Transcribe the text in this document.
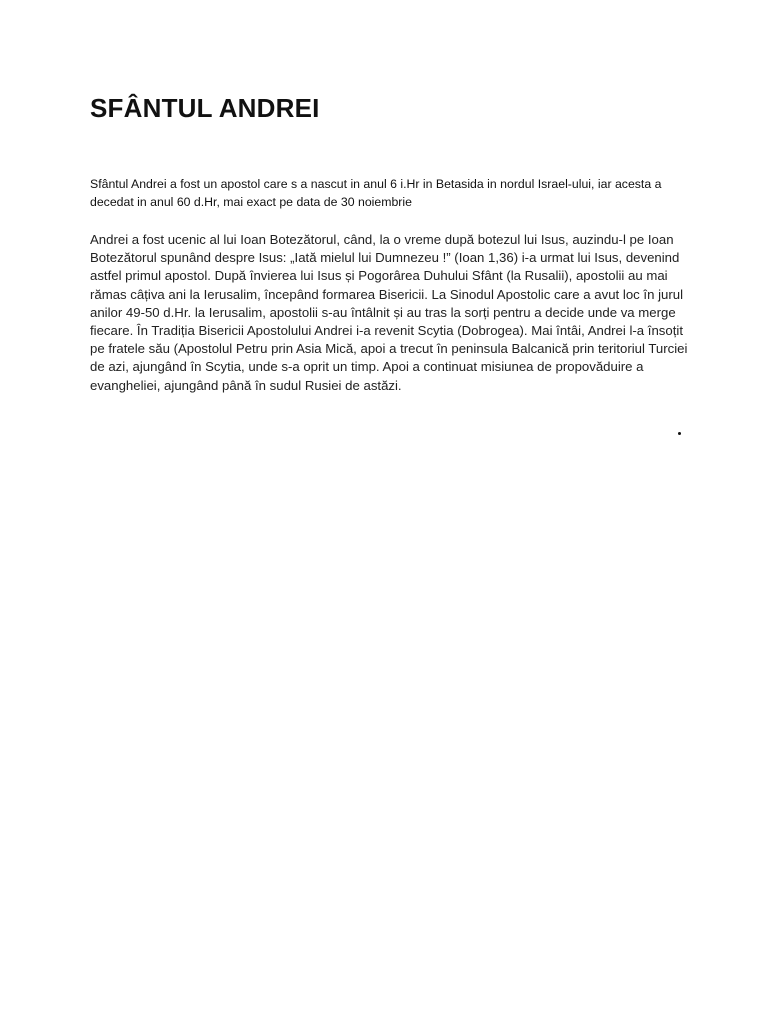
SFÂNTUL ANDREI

Sfântul Andrei a fost un apostol care s a nascut in anul 6 i.Hr in Betasida in nordul Israel-ului, iar acesta a decedat in anul 60 d.Hr, mai exact pe data de 30 noiembrie

Andrei a fost ucenic al lui Ioan Botezătorul, când, la o vreme după botezul lui Isus, auzindu-l pe Ioan Botezătorul spunând despre Isus: „Iată mielul lui Dumnezeu !” (Ioan 1,36) i-a urmat lui Isus, devenind astfel primul apostol. După învierea lui Isus și Pogorârea Duhului Sfânt (la Rusalii), apostolii au mai rămas câțiva ani la Ierusalim, începând formarea Bisericii. La Sinodul Apostolic care a avut loc în jurul anilor 49-50 d.Hr. la Ierusalim, apostolii s-au întâlnit și au tras la sorți pentru a decide unde va merge fiecare. În Tradiția Bisericii Apostolului Andrei i-a revenit Scytia (Dobrogea). Mai întâi, Andrei l-a însoțit pe fratele său (Apostolul Petru prin Asia Mică, apoi a trecut în peninsula Balcanică prin teritoriul Turciei de azi, ajungând în Scytia, unde s-a oprit un timp. Apoi a continuat misiunea de propovăduire a evangheliei, ajungând până în sudul Rusiei de astăzi.
